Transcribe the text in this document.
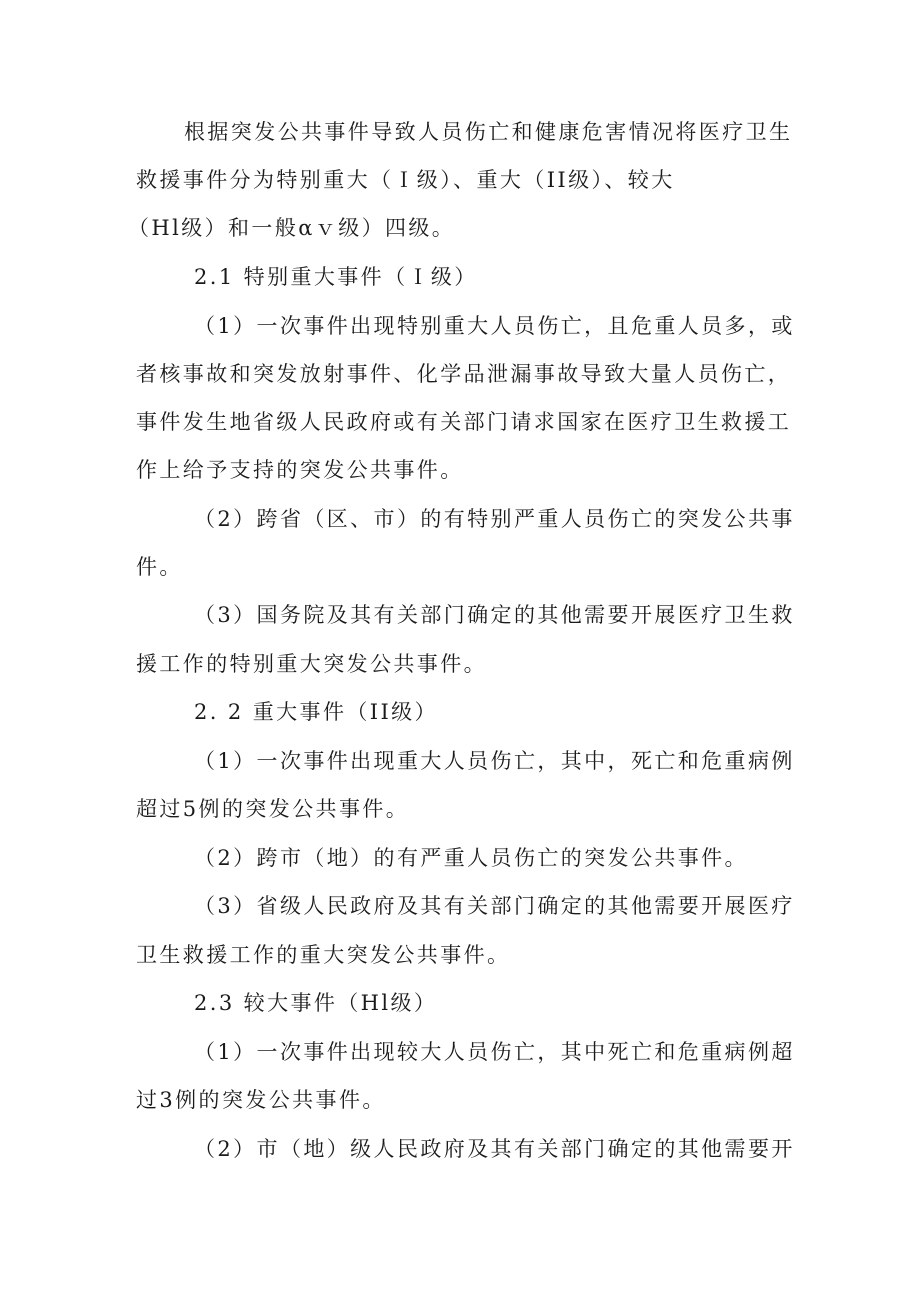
根据突发公共事件导致人员伤亡和健康危害情况将医疗卫生
救援事件分为特别重大（Ｉ级）、重大（II级）、较大
（Hl级）和一般αｖ级）四级。
2.1 特别重大事件（Ｉ级）
（1）一次事件出现特别重大人员伤亡，且危重人员多，或
者核事故和突发放射事件、化学品泄漏事故导致大量人员伤亡，
事件发生地省级人民政府或有关部门请求国家在医疗卫生救援工
作上给予支持的突发公共事件。
（2）跨省（区、市）的有特别严重人员伤亡的突发公共事
件。
（3）国务院及其有关部门确定的其他需要开展医疗卫生救
援工作的特别重大突发公共事件。
2. 2 重大事件（II级）
（1）一次事件出现重大人员伤亡，其中，死亡和危重病例
超过5例的突发公共事件。
（2）跨市（地）的有严重人员伤亡的突发公共事件。
（3）省级人民政府及其有关部门确定的其他需要开展医疗
卫生救援工作的重大突发公共事件。
2.3 较大事件（Hl级）
（1）一次事件出现较大人员伤亡，其中死亡和危重病例超
过3例的突发公共事件。
（2）市（地）级人民政府及其有关部门确定的其他需要开
